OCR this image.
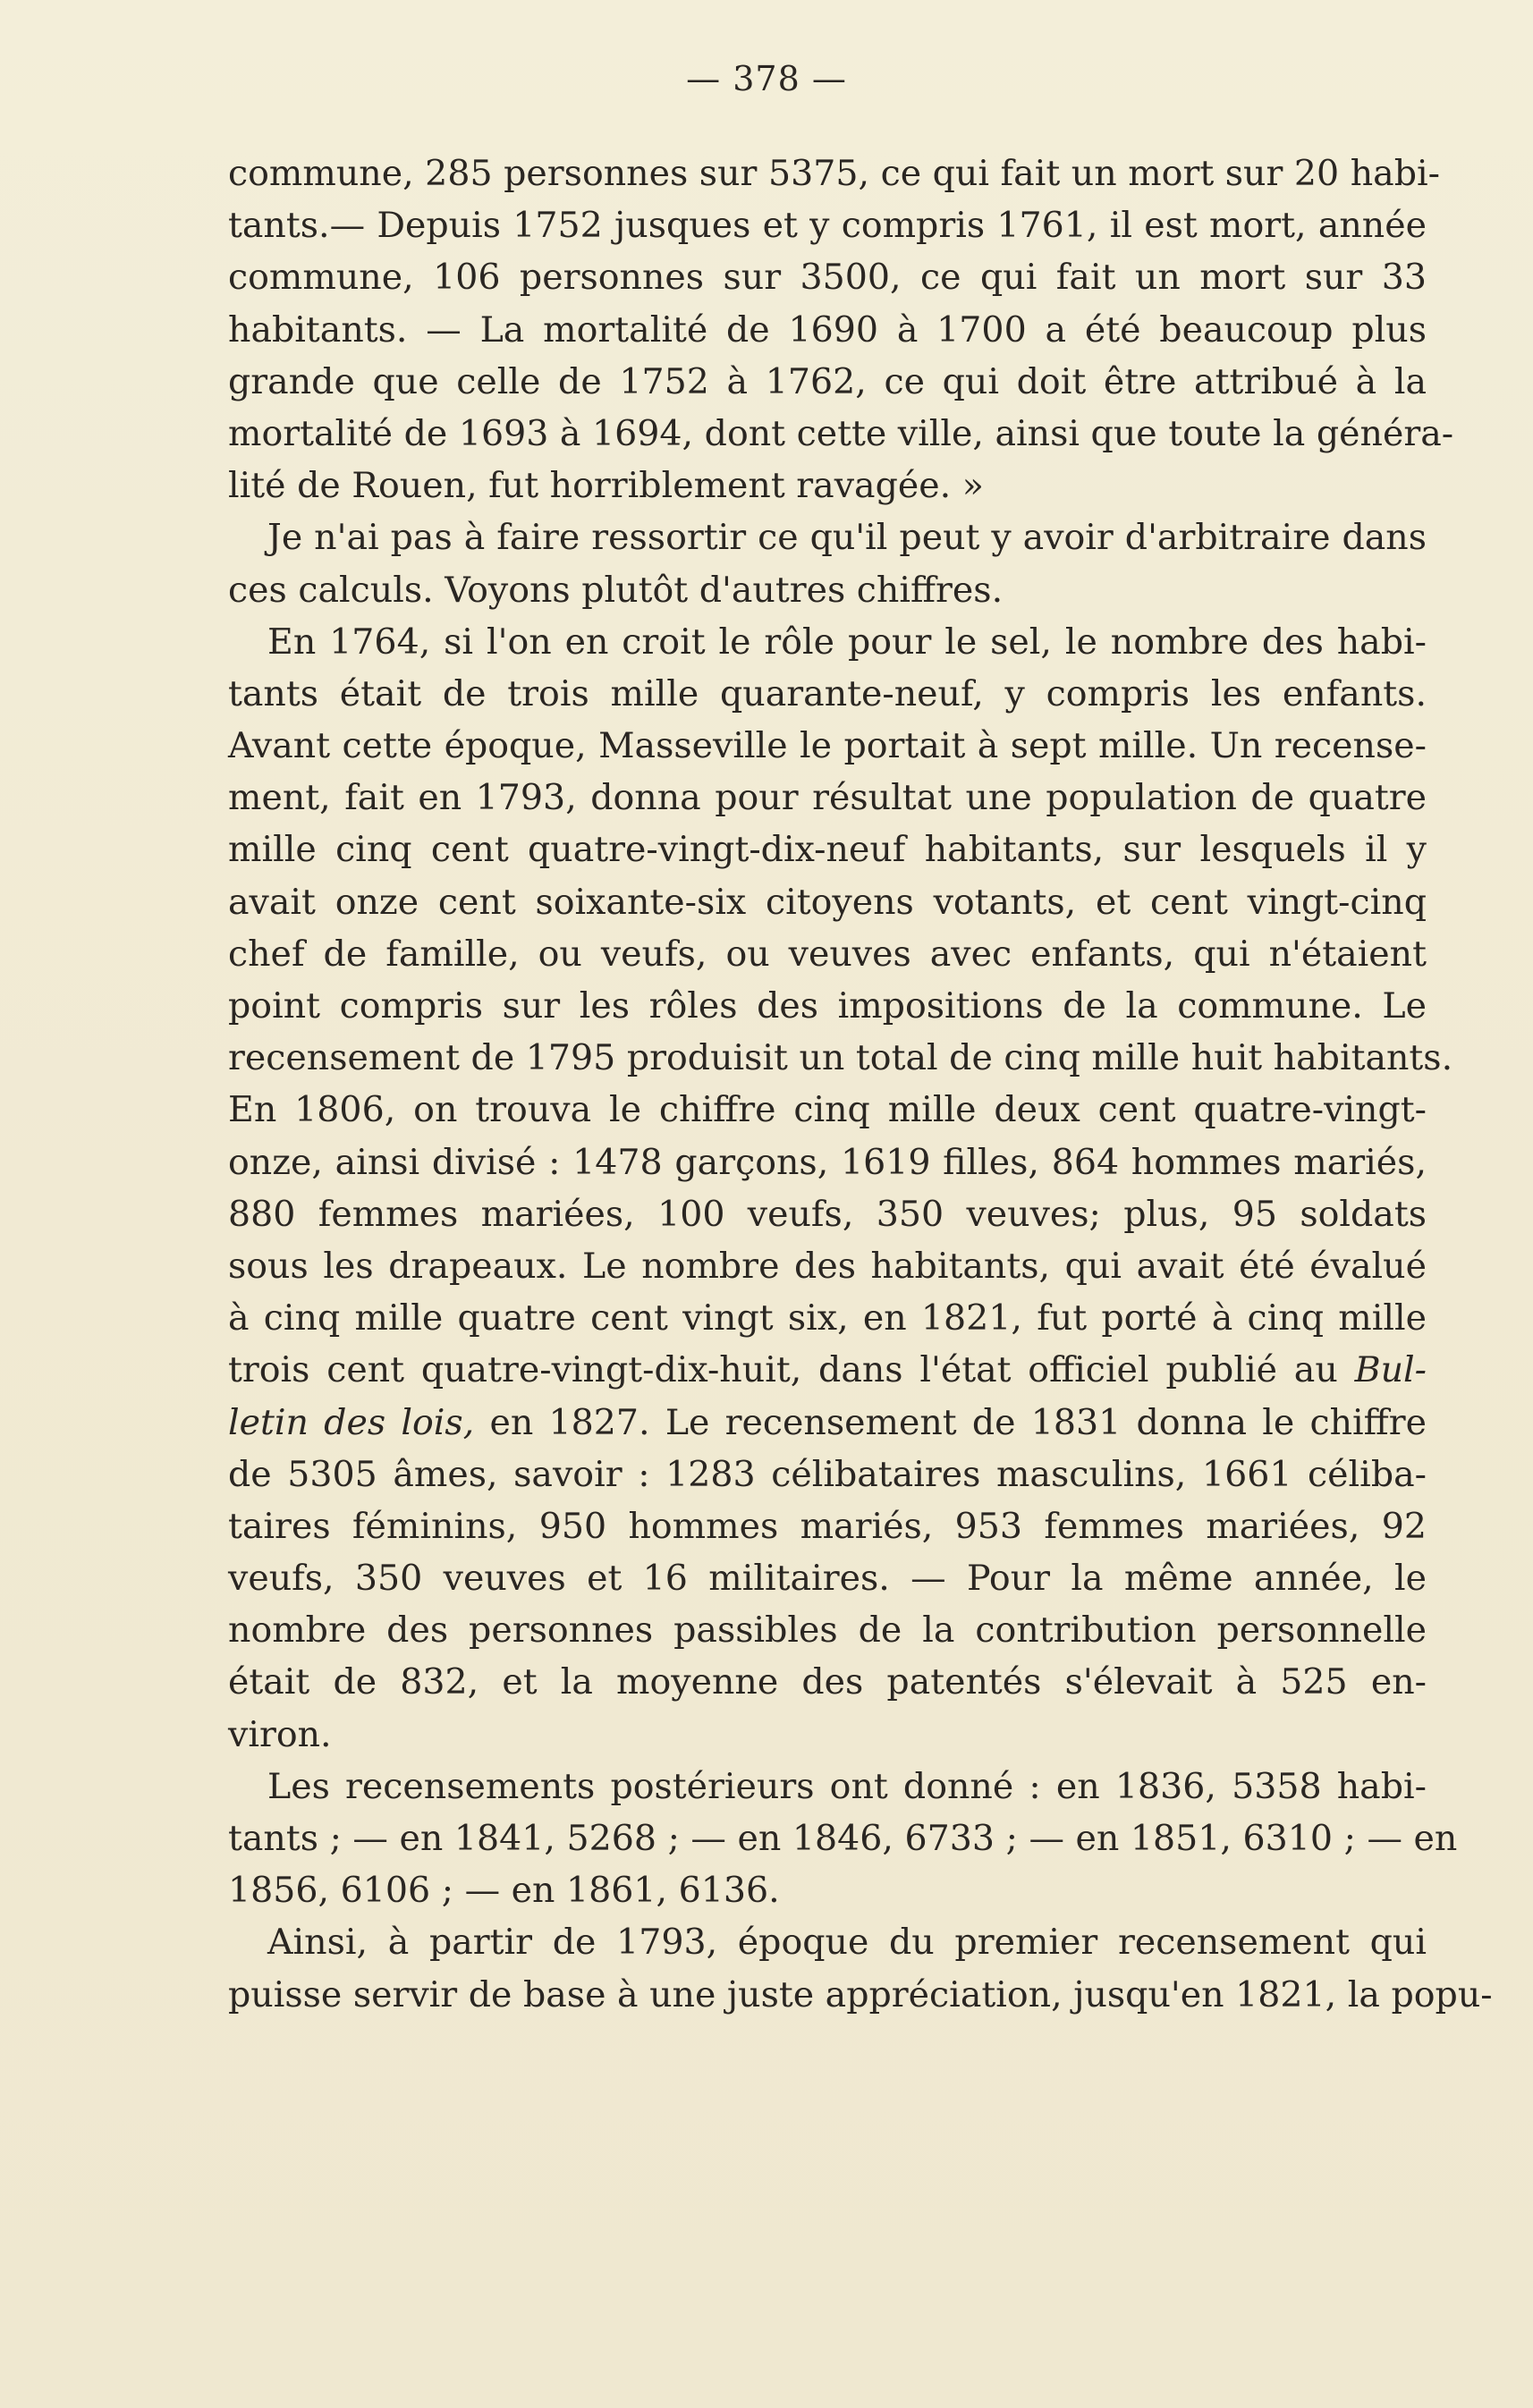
— 378 —
commune, 285 personnes sur 5375, ce qui fait un mort sur 20 habi-
tants.— Depuis 1752 jusques et y compris 1761, il est mort, année
commune, 106 personnes sur 3500, ce qui fait un mort sur 33
habitants. — La mortalité de 1690 à 1700 a été beaucoup plus
grande que celle de 1752 à 1762, ce qui doit être attribué à la
mortalité de 1693 à 1694, dont cette ville, ainsi que toute la généra-
lité de Rouen, fut horriblement ravagée. »
Je n'ai pas à faire ressortir ce qu'il peut y avoir d'arbitraire dans
ces calculs. Voyons plutôt d'autres chiffres.
En 1764, si l'on en croit le rôle pour le sel, le nombre des habi-
tants était de trois mille quarante-neuf, y compris les enfants.
Avant cette époque, Masseville le portait à sept mille. Un recense-
ment, fait en 1793, donna pour résultat une population de quatre
mille cinq cent quatre-vingt-dix-neuf habitants, sur lesquels il y
avait onze cent soixante-six citoyens votants, et cent vingt-cinq
chef de famille, ou veufs, ou veuves avec enfants, qui n'étaient
point compris sur les rôles des impositions de la commune. Le
recensement de 1795 produisit un total de cinq mille huit habitants.
En 1806, on trouva le chiffre cinq mille deux cent quatre-vingt-
onze, ainsi divisé : 1478 garçons, 1619 filles, 864 hommes mariés,
880 femmes mariées, 100 veufs, 350 veuves; plus, 95 soldats
sous les drapeaux. Le nombre des habitants, qui avait été évalué
à cinq mille quatre cent vingt six, en 1821, fut porté à cinq mille
trois cent quatre-vingt-dix-huit, dans l'état officiel publié au Bul-
letin des lois, en 1827. Le recensement de 1831 donna le chiffre
de 5305 âmes, savoir : 1283 célibataires masculins, 1661 céliba-
taires féminins, 950 hommes mariés, 953 femmes mariées, 92
veufs, 350 veuves et 16 militaires. — Pour la même année, le
nombre des personnes passibles de la contribution personnelle
était de 832, et la moyenne des patentés s'élevait à 525 en-
viron.
Les recensements postérieurs ont donné : en 1836, 5358 habi-
tants ; — en 1841, 5268 ; — en 1846, 6733 ; — en 1851, 6310 ; — en
1856, 6106 ; — en 1861, 6136.
Ainsi, à partir de 1793, époque du premier recensement qui
puisse servir de base à une juste appréciation, jusqu'en 1821, la popu-
